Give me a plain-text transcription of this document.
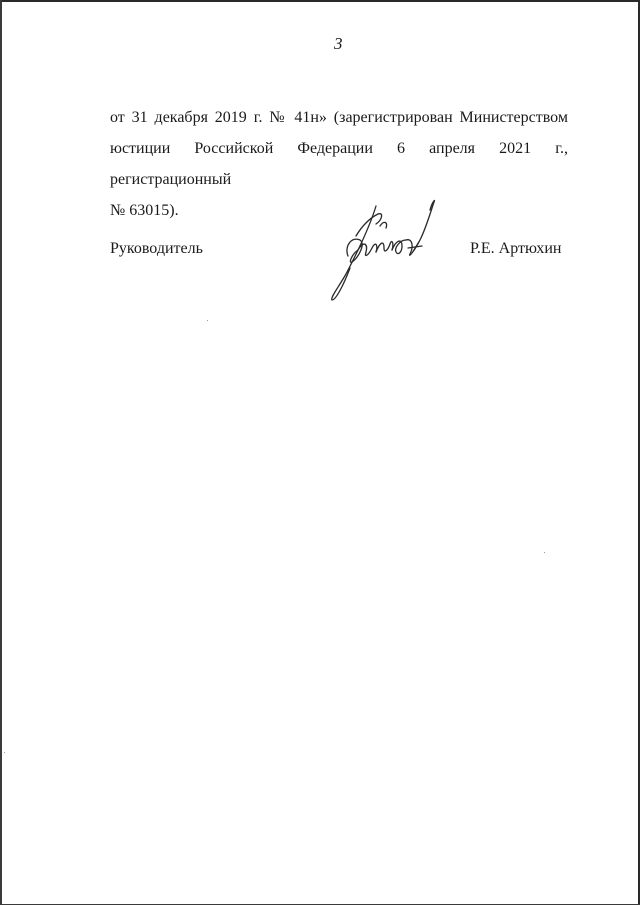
3
от 31 декабря 2019 г. № 41н» (зарегистрирован Министерством
юстиции Российской Федерации 6 апреля 2021 г., регистрационный
№ 63015).
Руководитель	Р.Е. Артюхин
